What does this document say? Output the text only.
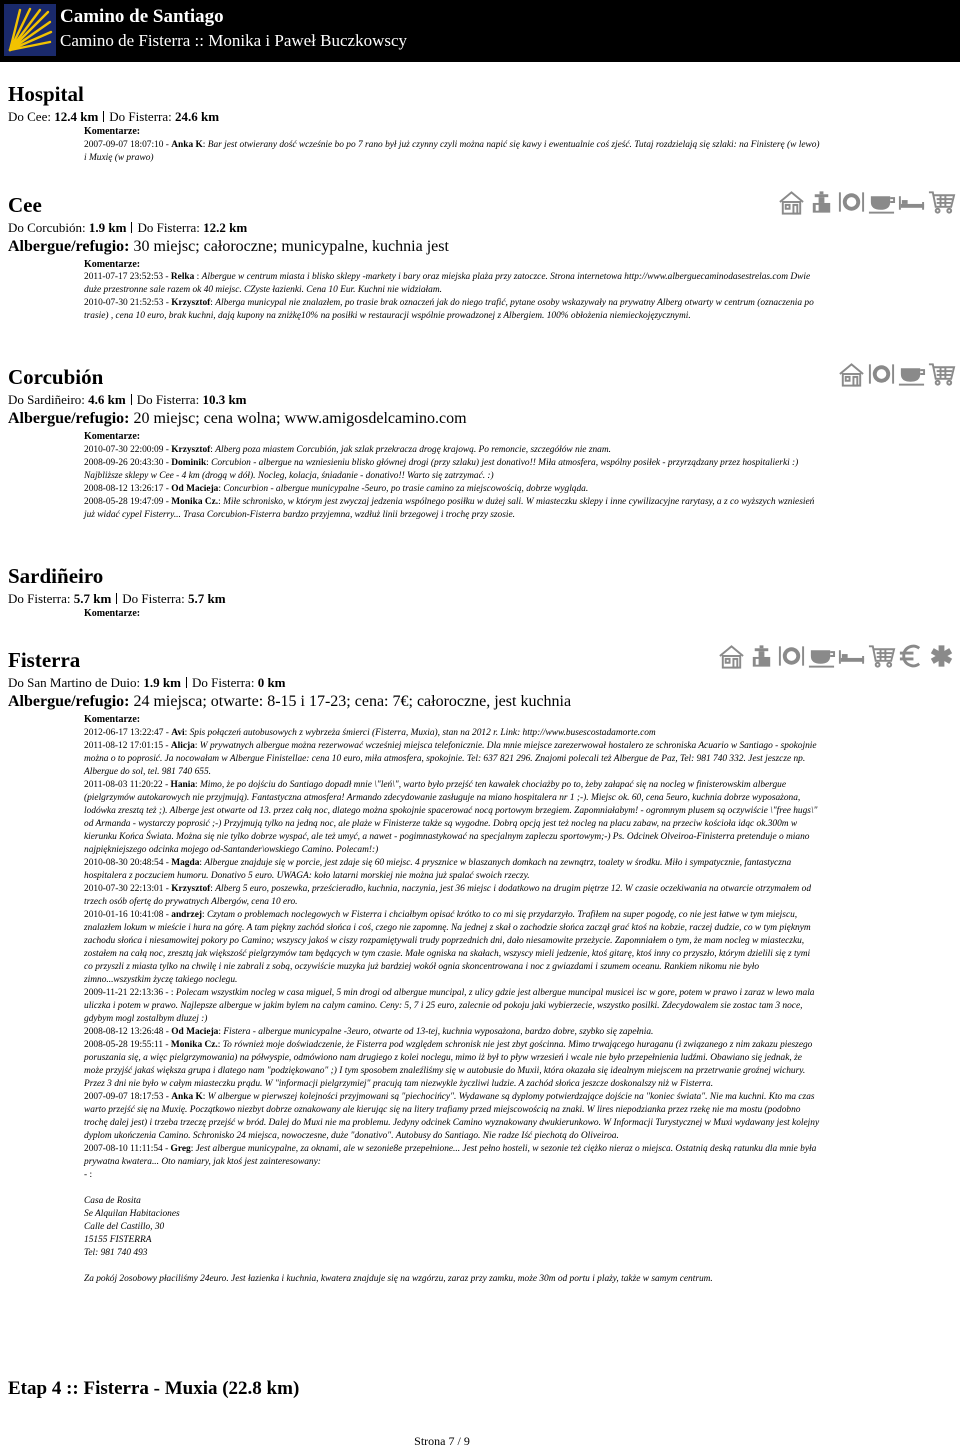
Camino de Santiago
Camino de Fisterra :: Monika i Paweł Buczkowscy
Hospital
Do Cee: 12.4 km Do Fisterra: 24.6 km
Komentarze:

2007-09-07 18:07:10 - Anka K: Bar jest otwierany dość wcześnie bo po 7 rano był już czynny czyli można napić się kawy i ewentualnie coś zjeść. Tutaj rozdzielają się szlaki: na Finisterę (w lewo) i Muxię (w prawo)

Cee
Do Corcubión: 1.9 km Do Fisterra: 12.2 km
Albergue/refugio: 30 miejsc; całoroczne; municypalne, kuchnia jest
Komentarze:

2011-07-17 23:52:53 - Relka : Albergue w centrum miasta i blisko sklepy -markety i bary oraz miejska plaża przy zatoczce. Strona internetowa http://www.alberguecaminodasestrelas.com Dwie duże przestronne sale razem ok 40 miejsc. CZyste łazienki. Cena 10 Eur. Kuchni nie widziałam.

2010-07-30 21:52:53 - Krzysztof: Alberga municypal nie znalazłem, po trasie brak oznaczeń jak do niego trafić, pytane osoby wskazywały na prywatny Alberg otwarty w centrum (oznaczenia po trasie) , cena 10 euro, brak kuchni, dają kupony na zniżkę10% na posiłki w restauracji wspólnie prowadzonej z Albergiem. 100% obłożenia niemieckojęzycznymi.

Corcubión
Do Sardiñeiro: 4.6 km Do Fisterra: 10.3 km
Albergue/refugio: 20 miejsc; cena wolna; www.amigosdelcamino.com
Komentarze:

2010-07-30 22:00:09 - Krzysztof: Alberg poza miastem Corcubión, jak szlak przekracza drogę krajową. Po remoncie, szczegółów nie znam.

2008-09-26 20:43:30 - Dominik: Corcubion - albergue na wzniesieniu blisko głównej drogi (przy szlaku) jest donativo!! Miła atmosfera, wspólny posiłek - przyrządzany przez hospitalierki :) Najbliższe sklepy w Cee - 4 km (drogą w dół). Nocleg, kolacja, śniadanie - donativo!! Warto się zatrzymać. :)

2008-08-12 13:26:17 - Od Macieja: Concurbion - albergue municypalne -5euro, po trasie camino za miejscowością, dobrze wygląda.

2008-05-28 19:47:09 - Monika Cz.: Miłe schronisko, w którym jest zwyczaj jedzenia wspólnego posiłku w dużej sali. W miasteczku sklepy i inne cywilizacyjne rarytasy, a z co wyższych wzniesień już widać cypel Fisterry... Trasa Corcubion-Fisterra bardzo przyjemna, wzdłuż linii brzegowej i trochę przy szosie.

Sardiñeiro
Do Fisterra: 5.7 km Do Fisterra: 5.7 km
Komentarze:
Fisterra
Do San Martino de Duio: 1.9 km Do Fisterra: 0 km
Albergue/refugio: 24 miejsca; otwarte: 8-15 i 17-23; cena: 7€; całoroczne, jest kuchnia
Komentarze:

2012-06-17 13:22:47 - Avi: Spis połączeń autobusowych z wybrzeża śmierci (Fisterra, Muxia), stan na 2012 r. Link: http://www.busescostadamorte.com

2011-08-12 17:01:15 - Alicja: W prywatnych albergue można rezerwować wcześniej miejsca telefonicznie. Dla mnie miejsce zarezerwował hostalero ze schroniska Acuario w Santiago - spokojnie można o to poprosić. Ja nocowałam w Albergue Finistellae: cena 10 euro, miła atmosfera, spokojnie. Tel: 637 821 296. Znajomi polecali też Albergue de Paz, Tel: 981 740 332. Jest jeszcze np. Albergue do sol, tel. 981 740 655.

2011-08-03 11:20:22 - Hania: Mimo, że po dojściu do Santiago dopadł mnie \"leń\", warto było przejść ten kawałek chociażby po to, żeby załapać się na nocleg w finisterowskim albergue (pielgrzymów autokarowych nie przyjmują). Fantastyczna atmosfera! Armando zdecydowanie zasługuje na miano hospitalera nr 1 ;-). Miejsc ok. 60, cena 5euro, kuchnia dobrze wyposażona, lodówka zresztą też ;). Alberge jest otwarte od 13. przez całą noc, dlatego można spokojnie spacerować nocą portowym brzegiem. Zapomniałabym! - ogromnym plusem są oczywiście \"free hugs\" od Armanda - wystarczy poprosić ;-) Przyjmują tylko na jedną noc, ale plaże w Finisterze także są wygodne. Dobrą opcją jest też nocleg na placu zabaw, na przeciw kościoła idąc ok.300m w kierunku Końca Świata. Można się nie tylko dobrze wyspać, ale też umyć, a nawet - pogimnastykować na specjalnym zapleczu sportowym;-) Ps. Odcinek Olveiroa-Finisterra pretenduje o miano najpiękniejszego odcinka mojego od-Santander\owskiego Camino. Polecam!:)

2010-08-30 20:48:54 - Magda: Albergue znajduje się w porcie, jest zdaje się 60 miejsc. 4 prysznice w blaszanych domkach na zewnątrz, toalety w środku. Miło i sympatycznie, fantastyczna hospitalera z poczuciem humoru. Donativo 5 euro. UWAGA: koło latarni morskiej nie można już spalać swoich rzeczy.

2010-07-30 22:13:01 - Krzysztof: Alberg 5 euro, poszewka, prześcieradło, kuchnia, naczynia, jest 36 miejsc i dodatkowo na drugim piętrze 12. W czasie oczekiwania na otwarcie otrzymałem od trzech osób ofertę do prywatnych Albergów, cena 10 ero.

2010-01-16 10:41:08 - andrzej: Czytam o problemach noclegowych w Fisterra i chciałbym opisać krótko to co mi się przydarzyło. Trafiłem na super pogodę, co nie jest łatwe w tym miejscu, znalazłem lokum w mieście i hura na górę. A tam piękny zachód słońca i coś, czego nie zapomnę. Na jednej z skał o zachodzie słońca zaczął grać ktoś na kobzie, raczej dudzie, co w tym pięknym zachodu słońca i niesamowitej pokory po Camino; wszyscy jakoś w ciszy rozpamiętywali trudy poprzednich dni, dało niesamowite przeżycie. Zapomniałem o tym, że mam nocleg w miasteczku, zostałem na całą noc, zresztą jak większość pielgrzymów tam będących w tym czasie. Małe ogniska na skałach, wszyscy mieli jedzenie, ktoś gitarę, ktoś inny co przyszło, którym dzielili się z tymi co przyszli z miasta tylko na chwilę i nie zabrali z sobą, oczywiście muzyka już bardziej wokół ognia skoncentrowana i noc z gwiazdami i szumem oceanu. Rankiem nikomu nie było zimno...wszystkim życzę takiego noclegu.

2009-11-21 22:13:36 - : Polecam wszystkim nocleg w casa miguel, 5 min drogi od albergue muncipal, z ulicy gdzie jest albergue muncipal musicei isc w gore, potem w prawo i zaraz w lewo mala uliczka i potem w prawo. Najlepsze albergue w jakim bylem na calym camino. Ceny: 5, 7 i 25 euro, zalecnie od pokoju jaki wybierzecie, wszystko posilki. Zdecydowalem sie zostac tam 3 noce, gdybym mogl zostalbym dluzej :)

2008-08-12 13:26:48 - Od Macieja: Fistera - albergue municypalne -3euro, otwarte od 13-tej, kuchnia wyposażona, bardzo dobre, szybko się zapełnia.

2008-05-28 19:55:11 - Monika Cz.: To również moje doświadczenie, że Fisterra pod względem schronisk nie jest zbyt gościnna. Mimo trwającego huraganu (i związanego z nim zakazu pieszego poruszania się, a więc pielgrzymowania) na półwyspie, odmówiono nam drugiego z kolei noclegu, mimo iż był to pływ wrzesień i wcale nie było przepełnienia ludźmi. Obawiano się jednak, że może przyjść jakaś większa grupa i dlatego nam "podziękowano" ;) I tym sposobem znaleźliśmy się w autobusie do Muxii, która okazała się idealnym miejscem na przetrwanie groźnej wichury. Przez 3 dni nie było w całym miasteczku prądu. W "informacji pielgrzymiej" pracują tam niezwykle życzliwi ludzie. A zachód słońca jeszcze doskonalszy niż w Fisterra.

2007-09-07 18:17:53 - Anka K: W albergue w pierwszej kolejności przyjmowani są "piechocińcy". Wydawane są dyplomy potwierdzające dojście na "koniec świata". Nie ma kuchni. Kto ma czas warto przejść się na Muxię. Początkowo niezbyt dobrze oznakowany ale kierując się na litery trafiamy przed miejscowością na znaki. W lires niepodzianka przez rzekę nie ma mostu (podobno trochę dalej jest) i trzeba trzeczę przejść w bród. Dalej do Muxi nie ma problemu. Jedyny odcinek Camino wyznakowany dwukierunkowo. W Informacji Turystycznej w Muxi wydawany jest kolejny dyplom ukończenia Camino. Schronisko 24 miejsca, nowoczesne, duże "donativo". Autobusy do Santiago. Nie radze Iść piechotą do Oliveiroa.

2007-08-10 11:11:54 - Greg: Jest albergue municypalne, za oknami, ale w sezonie8e przepełnione... Jest pełno hosteli, w sezonie też ciężko nieraz o miejsca. Ostatnią deską ratunku dla mnie była prywatna kwatera... Oto namiary, jak ktoś jest zainteresowany:

- :

Casa de Rosita
Se Alquilan Habitaciones
Calle del Castillo, 30
15155 FISTERRA
Tel: 981 740 493

Za pokój 2osobowy płaciliśmy 24euro. Jest łazienka i kuchnia, kwatera znajduje się na wzgórzu, zaraz przy zamku, może 30m od portu i plaży, także w samym centrum.

Etap 4 :: Fisterra - Muxia (22.8 km)
Strona 7 / 9
